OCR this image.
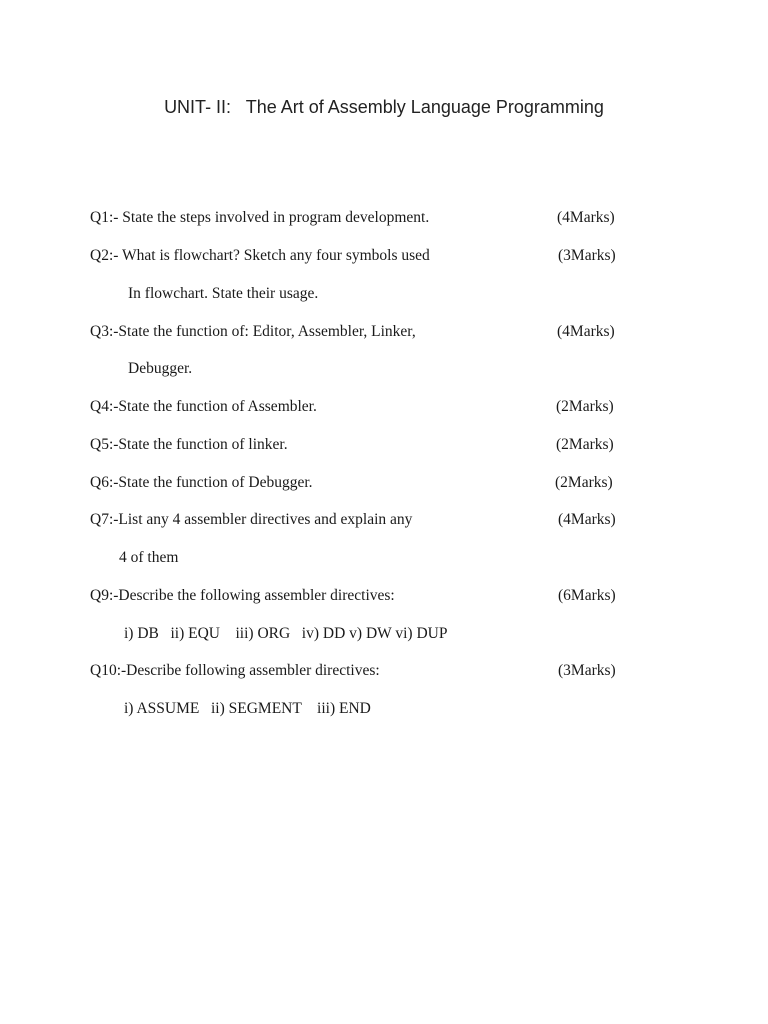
UNIT- II:   The Art of Assembly Language Programming
Q1:- State the steps involved in program development.	(4Marks)
Q2:- What is flowchart? Sketch any four symbols used	(3Marks)
In flowchart. State their usage.
Q3:-State the function of: Editor, Assembler, Linker,	(4Marks)
Debugger.
Q4:-State the function of Assembler.	(2Marks)
Q5:-State the function of linker.	(2Marks)
Q6:-State the function of Debugger.	(2Marks)
Q7:-List any 4 assembler directives and explain any	(4Marks)
4 of them
Q9:-Describe the following assembler directives:	(6Marks)
i) DB   ii) EQU    iii) ORG   iv) DD v) DW vi) DUP
Q10:-Describe following assembler directives:	(3Marks)
i) ASSUME   ii) SEGMENT    iii) END
